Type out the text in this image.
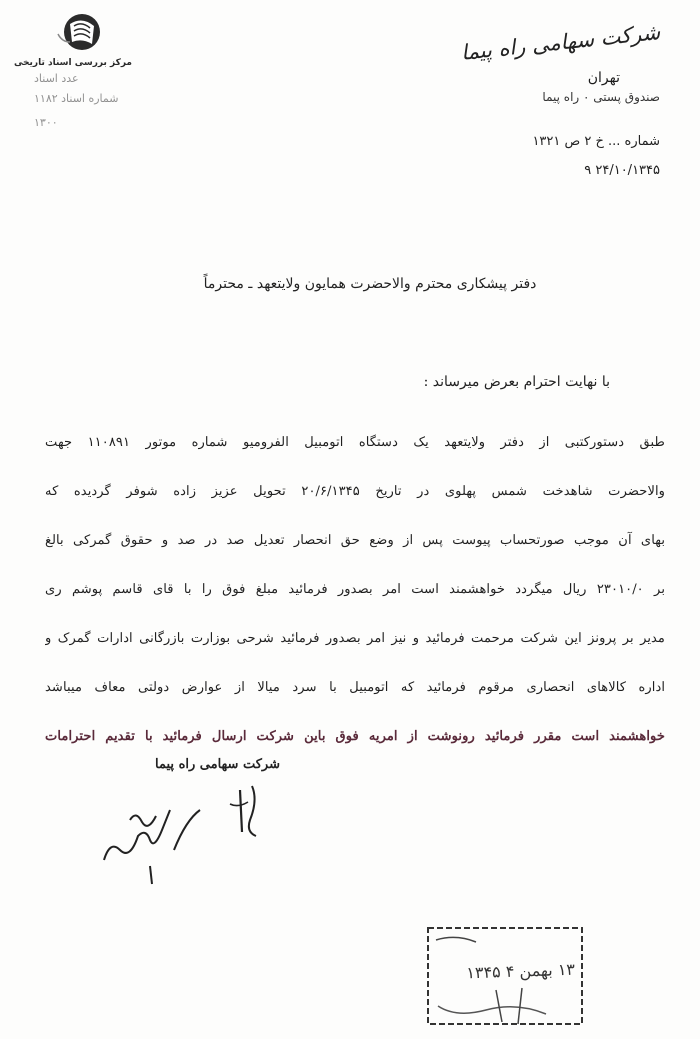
مرکز بررسی اسناد تاریخی
عدد اسناد
شماره اسناد ۱۱۸۲
۱۳۰۰
شرکت سهامی راه پیما
تهران
صندوق پستی ۰ راه پیما
شماره ... خ ۲ ص ۱۳۲۱
۲۴/۱۰/۱۳۴۵ ۹
دفتر پیشکاری محترم والاحضرت همایون ولایتعهد ـ محترماً
با نهایت احترام بعرض میرساند :
طبق دستورکتبی از دفتر ولایتعهد یک دستگاه اتومبیل الفرومیو شماره موتور ۱۱۰۸۹۱ جهت
والاحضرت شاهدخت شمس پهلوی در تاریخ ۲۰/۶/۱۳۴۵ تحویل عزیز زاده شوفر گردیده که
بهای آن موجب صورتحساب پیوست پس از وضع حق انحصار تعدیل صد در صد و حقوق گمرکی بالغ
بر ۲۳۰۱۰/۰ ریال میگردد خواهشمند است امر بصدور فرمائید مبلغ فوق را با قای قاسم پوشم ری
مدیر بر پرونز این شرکت مرحمت فرمائید و نیز امر بصدور فرمائید شرحی بوزارت بازرگانی ادارات گمرک و
اداره کالاهای انحصاری مرقوم فرمائید که اتومبیل با سرد میالا از عوارض دولتی معاف میباشد
خواهشمند است مقرر فرمائید رونوشت از امریه فوق باین شرکت ارسال فرمائید با تقدیم احترامات
شرکت سهامی راه پیما
۱۳ بهمن ۴ ۱۳۴۵
